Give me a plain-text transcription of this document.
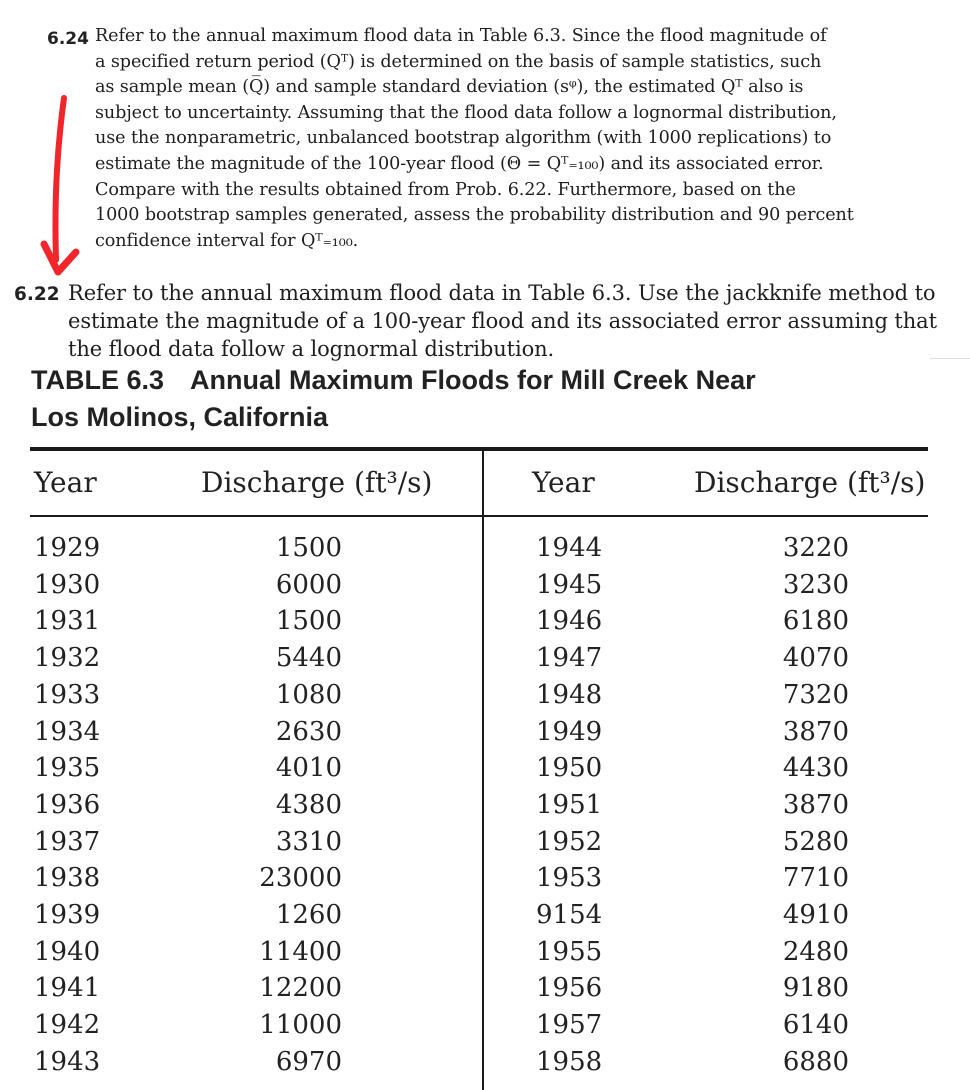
6.24 Refer to the annual maximum flood data in Table 6.3. Since the flood magnitude of
a specified return period (Qᵀ) is determined on the basis of sample statistics, such
as sample mean (Q̅) and sample standard deviation (sᵠ), the estimated Qᵀ also is
subject to uncertainty. Assuming that the flood data follow a lognormal distribution,
use the nonparametric, unbalanced bootstrap algorithm (with 1000 replications) to
estimate the magnitude of the 100-year flood (Θ = Qᵀ₌₁₀₀) and its associated error.
Compare with the results obtained from Prob. 6.22. Furthermore, based on the
1000 bootstrap samples generated, assess the probability distribution and 90 percent
confidence interval for Qᵀ₌₁₀₀.
6.22 Refer to the annual maximum flood data in Table 6.3. Use the jackknife method to
estimate the magnitude of a 100-year flood and its associated error assuming that
the flood data follow a lognormal distribution.
TABLE 6.3 Annual Maximum Floods for Mill Creek Near
Los Molinos, California
Year	Discharge (ft³/s)	Year	Discharge (ft³/s)
1929	1500	1944	3220
1930	6000	1945	3230
1931	1500	1946	6180
1932	5440	1947	4070
1933	1080	1948	7320
1934	2630	1949	3870
1935	4010	1950	4430
1936	4380	1951	3870
1937	3310	1952	5280
1938	23000	1953	7710
1939	1260	9154	4910
1940	11400	1955	2480
1941	12200	1956	9180
1942	11000	1957	6140
1943	6970	1958	6880
